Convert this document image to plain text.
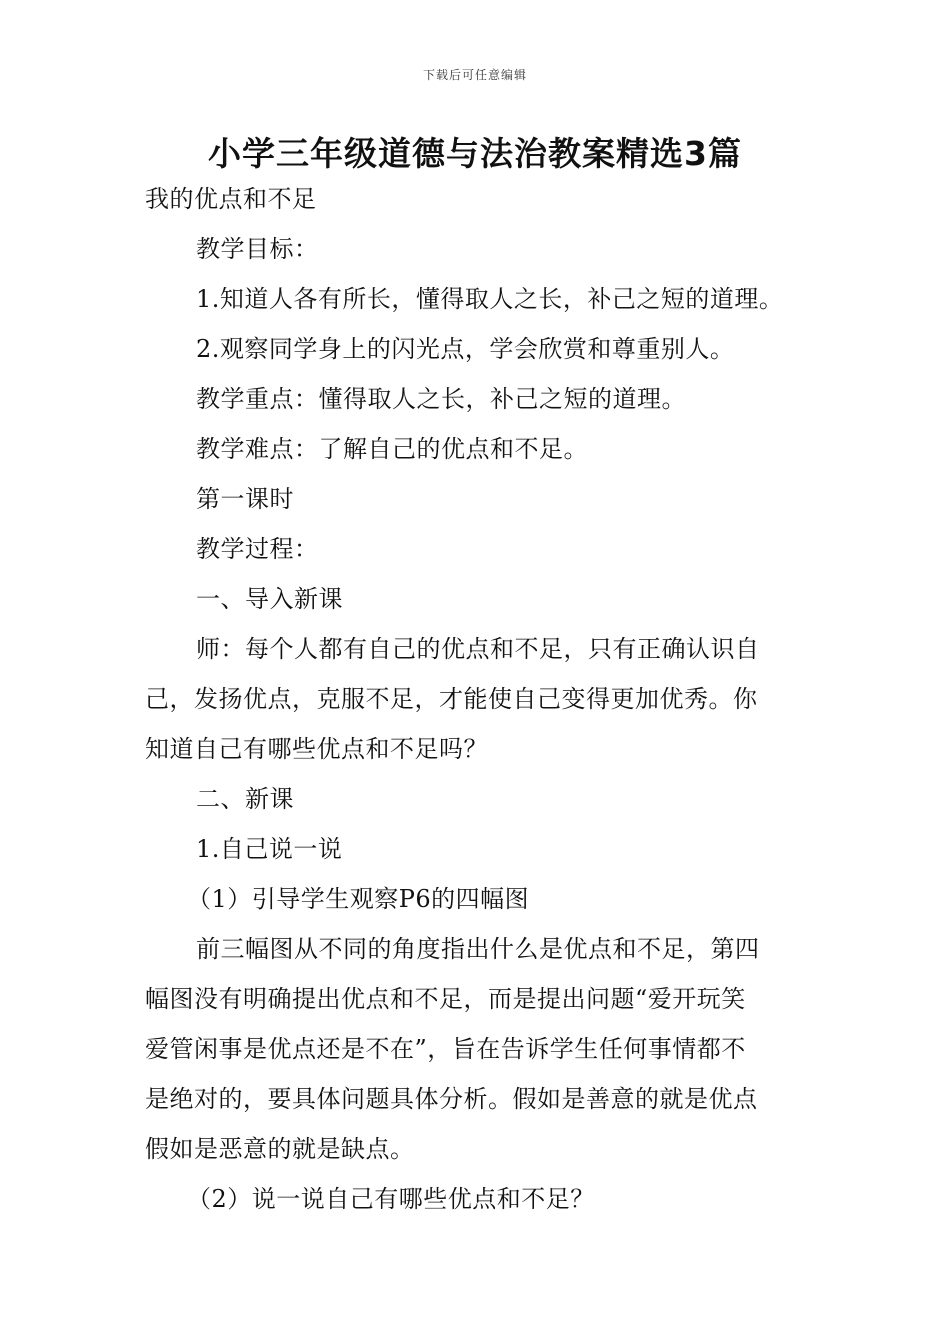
下载后可任意编辑
小学三年级道德与法治教案精选3篇
我的优点和不足
教学目标：
1.知道人各有所长，懂得取人之长，补己之短的道理。
2.观察同学身上的闪光点，学会欣赏和尊重别人。
教学重点：懂得取人之长，补己之短的道理。
教学难点：了解自己的优点和不足。
第一课时
教学过程：
一、导入新课
师：每个人都有自己的优点和不足，只有正确认识自
己，发扬优点，克服不足，才能使自己变得更加优秀。你
知道自己有哪些优点和不足吗？
二、新课
1.自己说一说
（1）引导学生观察P6的四幅图
前三幅图从不同的角度指出什么是优点和不足，第四
幅图没有明确提出优点和不足，而是提出问题“爱开玩笑
爱管闲事是优点还是不在”，旨在告诉学生任何事情都不
是绝对的，要具体问题具体分析。假如是善意的就是优点
假如是恶意的就是缺点。
（2）说一说自己有哪些优点和不足？
